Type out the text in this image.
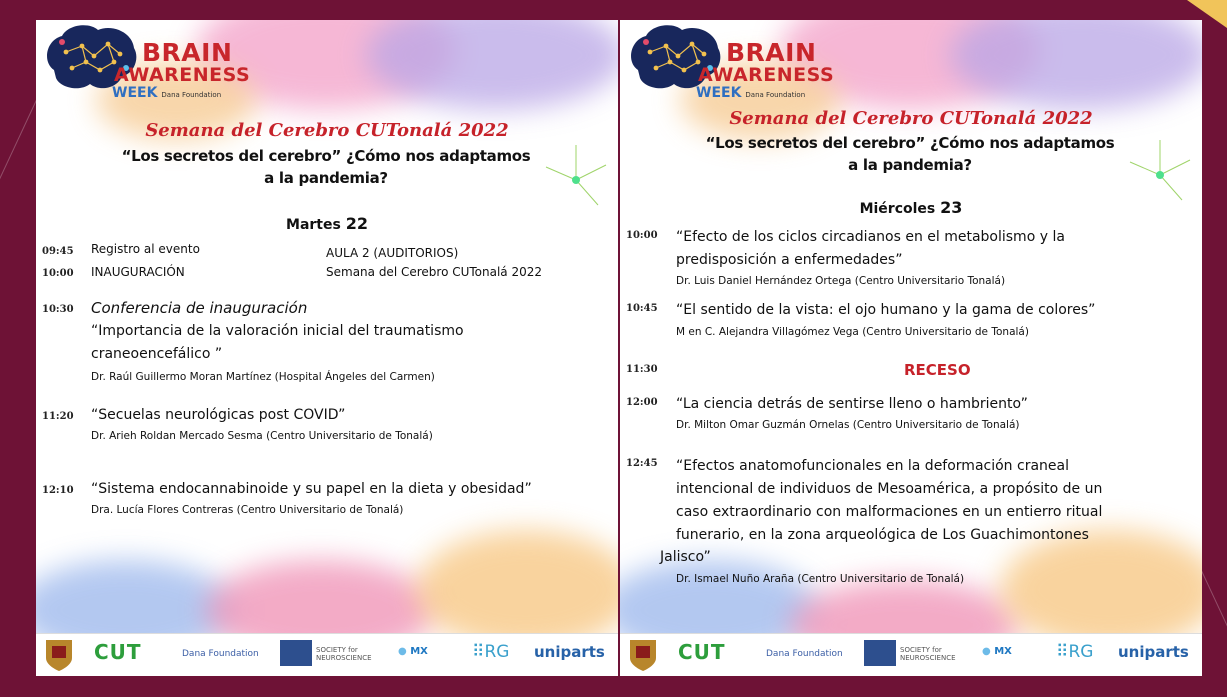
BRAIN
AWARENESS
WEEK Dana Foundation
Semana del Cerebro CUTonalá 2022
“Los secretos del cerebro” ¿Cómo nos adaptamos
a la pandemia?
Martes 22
09:45 Registro al evento	AULA 2 (AUDITORIOS)
10:00 INAUGURACIÓN	Semana del Cerebro CUTonalá 2022
10:30 Conferencia de inauguración
“Importancia de la valoración inicial del traumatismo
craneoencefálico ”
Dr. Raúl Guillermo Moran Martínez (Hospital Ángeles del Carmen)
11:20 “Secuelas neurológicas post COVID”
Dr. Arieh Roldan Mercado Sesma (Centro Universitario de Tonalá)
12:10 “Sistema endocannabinoide y su papel en la dieta y obesidad”
Dra. Lucía Flores Contreras (Centro Universitario de Tonalá)
CUT	Dana Foundation	SOCIETY for
NEUROSCIENCE
● MX	⠿RG uniparts
BRAIN
AWARENESS
WEEK Dana Foundation
Semana del Cerebro CUTonalá 2022
“Los secretos del cerebro” ¿Cómo nos adaptamos
a la pandemia?
Miércoles 23
10:00 “Efecto de los ciclos circadianos en el metabolismo y la
predisposición a enfermedades”
Dr. Luis Daniel Hernández Ortega (Centro Universitario Tonalá)
10:45 “El sentido de la vista: el ojo humano y la gama de colores”
M en C. Alejandra Villagómez Vega (Centro Universitario de Tonalá)
11:30	RECESO
12:00 “La ciencia detrás de sentirse lleno o hambriento”
Dr. Milton Omar Guzmán Ornelas (Centro Universitario de Tonalá)
12:45 “Efectos anatomofuncionales en la deformación craneal
intencional de individuos de Mesoamérica, a propósito de un
caso extraordinario con malformaciones en un entierro ritual
funerario, en la zona arqueológica de Los Guachimontones
Jalisco”
Dr. Ismael Nuño Araña (Centro Universitario de Tonalá)
CUT	Dana Foundation	SOCIETY for
NEUROSCIENCE
● MX	⠿RG uniparts
